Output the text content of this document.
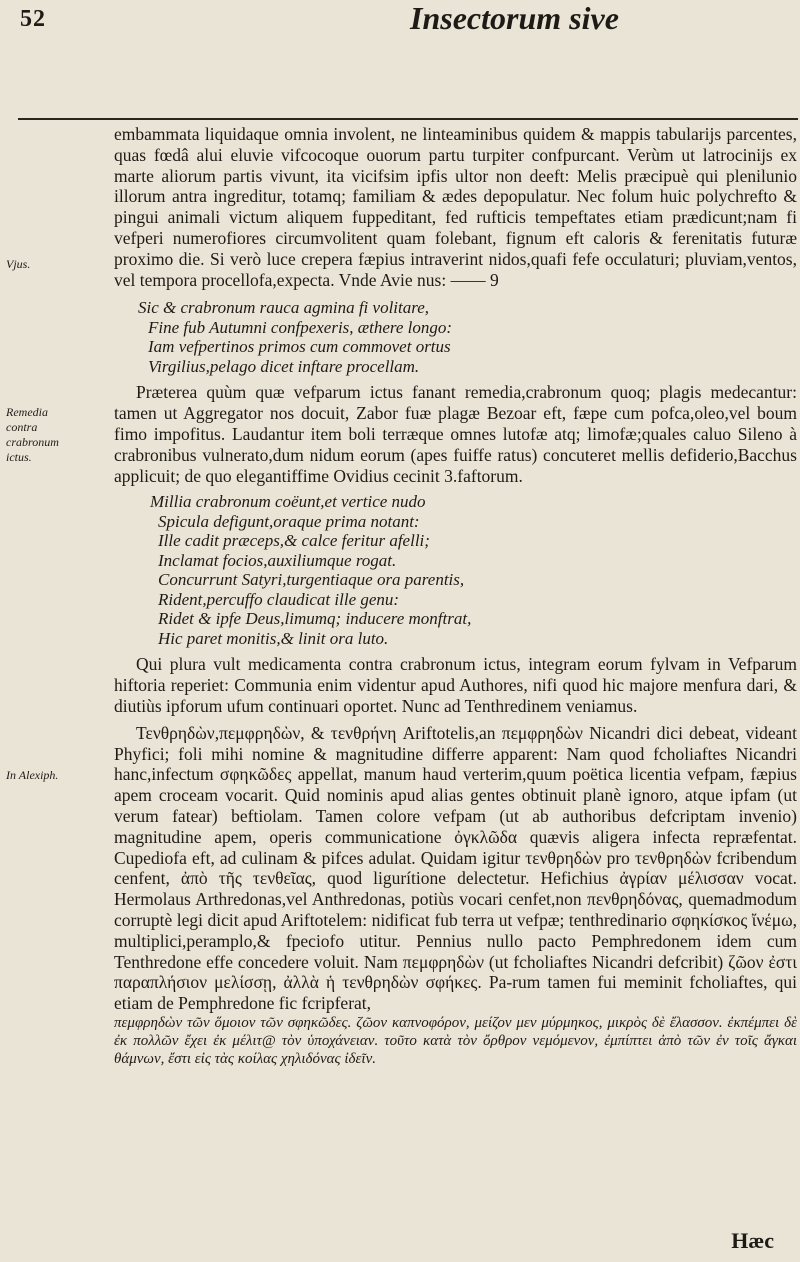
52	Insectorum sive
Vjus.
Remedia contra crabronum ictus.
In Alexiph.

embammata liquidaque omnia involent, ne linteaminibus quidem & mappis tabularijs parcentes, quas fœdâ alui eluvie vifcocoque ouorum partu turpiter confpurcant. Verùm ut latrocinijs ex marte aliorum partis vivunt, ita vicifsim ipfis ultor non deeft: Melis præcipuè qui plenilunio illorum antra ingreditur, totamq; familiam & ædes depopulatur. Nec folum huic polychrefto & pingui animali victum aliquem fuppeditant, fed rufticis tempeftates etiam prædicunt;nam fi vefperi numerofiores circumvolitent quam folebant, fignum eft caloris & ferenitatis futuræ proximo die. Si verò luce crepera fæpius intraverint nidos,quafi fefe occulaturi; pluviam,ventos, vel tempora procellofa,expecta. Vnde Avie nus: —— 9

Sic & crabronum rauca agmina fi volitare,
Fine fub Autumni confpexeris, æthere longo:
Iam vefpertinos primos cum commovet ortus
Virgilius,pelago dicet inftare procellam.

Præterea quùm quæ vefparum ictus fanant remedia,crabronum quoq; plagis medecantur: tamen ut Aggregator nos docuit, Zabor fuæ plagæ Bezoar eft, fæpe cum pofca,oleo,vel boum fimo impofitus. Laudantur item boli terræque omnes lutofæ atq; limofæ;quales caluo Sileno à crabronibus vulnerato,dum nidum eorum (apes fuiffe ratus) concuteret mellis defiderio,Bacchus applicuit; de quo elegantiffime Ovidius cecinit 3.faftorum.

Millia crabronum coëunt,et vertice nudo
Spicula defigunt,oraque prima notant:
Ille cadit præceps,& calce feritur afelli;
Inclamat focios,auxiliumque rogat.
Concurrunt Satyri,turgentiaque ora parentis,
Rident,percuffo claudicat ille genu:
Ridet & ipfe Deus,limumq; inducere monftrat,
Hic paret monitis,& linit ora luto.

Qui plura vult medicamenta contra crabronum ictus, integram eorum fylvam in Vefparum hiftoria reperiet: Communia enim videntur apud Authores, nifi quod hic majore menfura dari, & diutiùs ipforum ufum continuari oportet. Nunc ad Tenthredinem veniamus.

Τενθρηδὼν,πεμφρηδὼν, & τενθρήνη Ariftotelis,an πεμφρηδὼν Nicandri dici debeat, videant Phyfici; foli mihi nomine & magnitudine differre apparent: Nam quod fcholiaftes Nicandri hanc,infectum σφηκῶδες appellat, manum haud verterim,quum poëtica licentia vefpam, fæpius apem croceam vocarit. Quid nominis apud alias gentes obtinuit planè ignoro, atque ipfam (ut verum fatear) beftiolam. Tamen colore vefpam (ut ab authoribus defcriptam invenio) magnitudine apem, operis communicatione ὀγκλῶδα quævis aligera infecta repræfentat. Cupediofa eft, ad culinam & pifces adulat. Quidam igitur τενθρηδὼν pro τενθρηδὼν fcribendum cenfent, ἀπὸ τῆς τενθεῖας, quod ligurítione delectetur. Hefichius ἀγρίαν μέλισσαν vocat. Hermolaus Arthredonas,vel Anthredonas, potiùs vocari cenfet,non πενθρηδόνας, quemadmodum corruptè legi dicit apud Ariftotelem: nidificat fub terra ut vefpæ; tenthredinario σφηκίσκος ἴνέμω, multiplici,peramplo,& fpeciofo utitur. Pennius nullo pacto Pemphredonem idem cum Tenthredone effe concedere voluit. Nam πεμφρηδὼν (ut fcholiaftes Nicandri defcribit) ζῶον ἐστι παραπλήσιον μελίσσῃ, ἀλλὰ ἡ τενθρηδὼν σφήκες. Pa-rum tamen fui meminit fcholiaftes, qui etiam de Pemphredone fic fcripferat,

πεμφρηδὼν τῶν ὅμοιον τῶν σφηκῶδες. ζῶον καπνοφόρον, μείζον μεν μύρμηκος, μικρὸς δὲ ἔλασσον. ἐκπέμπει δὲ ἐκ πολλῶν ἔχει ἐκ μέλιτ@ τὸν ὑποχάνειαν. τοῦτο κατὰ τὸν ὄρθρον νεμόμενον, ἐμπίπτει ἀπὸ τῶν ἐν τοῖς ἄγκαι θάμνων, ἔστι εἰς τὰς κοίλας χηλιδόνας ἰδεῖν.

Hæc
